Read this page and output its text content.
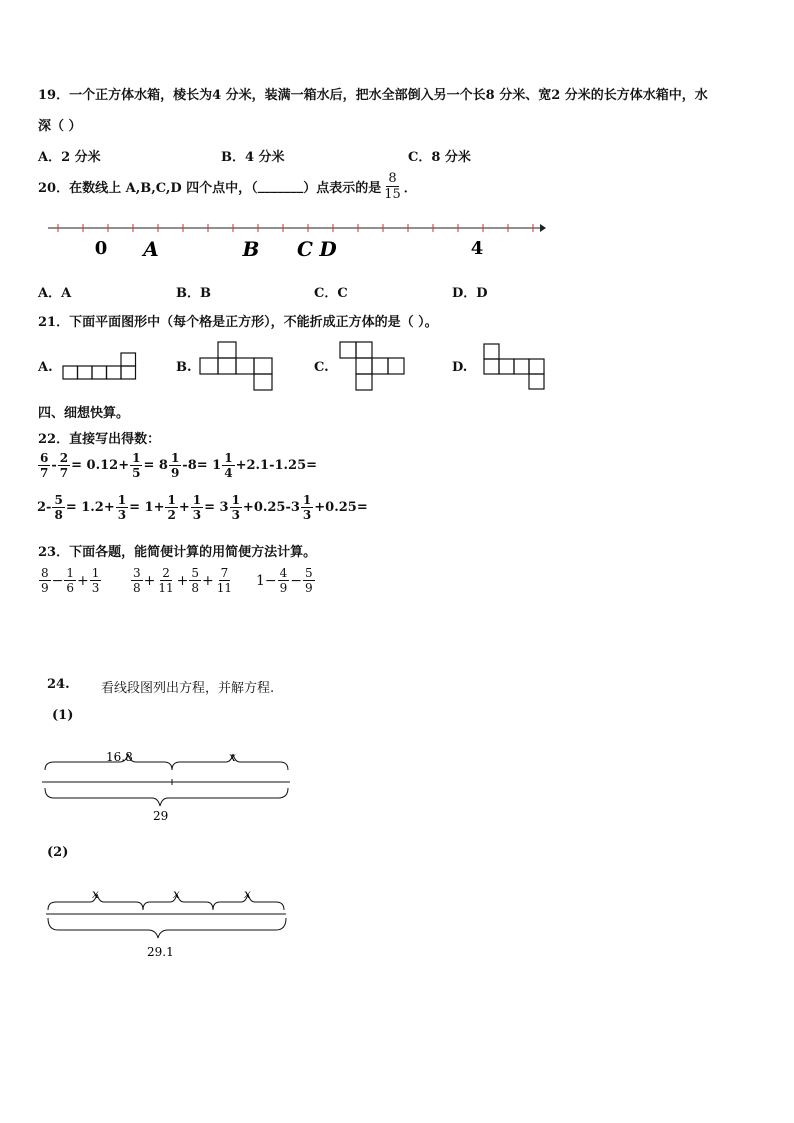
19．一个正方体水箱，棱长为4 分米，装满一箱水后，把水全部倒入另一个长8 分米、宽2 分米的长方体水箱中，水
深（ ）
A．2 分米	B．4 分米	C．8 分米
20．在数线上 A,B,C,D 四个点中，（ _______ ）点表示的是 $\frac{8}{15}$ ．
0 A	B C D	4
A．A	B．B	C．C	D．D
21．下面平面图形中（每个格是正方形），不能折成正方体的是（ ）。
A.	B.	C.	D.
四、细想快算。
22．直接写出得数：
$\frac{6}{7} - \frac{2}{7} = 0.12+ \frac{1}{5} = 8 \frac{1}{9} -8= 1 \frac{1}{4} +2.1-1.25=$
$2- \frac{5}{8} = 1.2+ \frac{1}{3} = 1+ \frac{1}{2} + \frac{1}{3} = 3 \frac{1}{3} +0.25-3 \frac{1}{3} +0.25=$
23．下面各题，能简便计算的用简便方法计算。
$\frac{8}{9} - \frac{1}{6} + \frac{1}{3} \frac{3}{8} + \frac{2}{11} + \frac{5}{8} + \frac{7}{11} 1- \frac{4}{9} - \frac{5}{9}$
24. 看线段图列出方程，并解方程.
(1)
16.8	x
29
(2)
x	x	x
29.1
